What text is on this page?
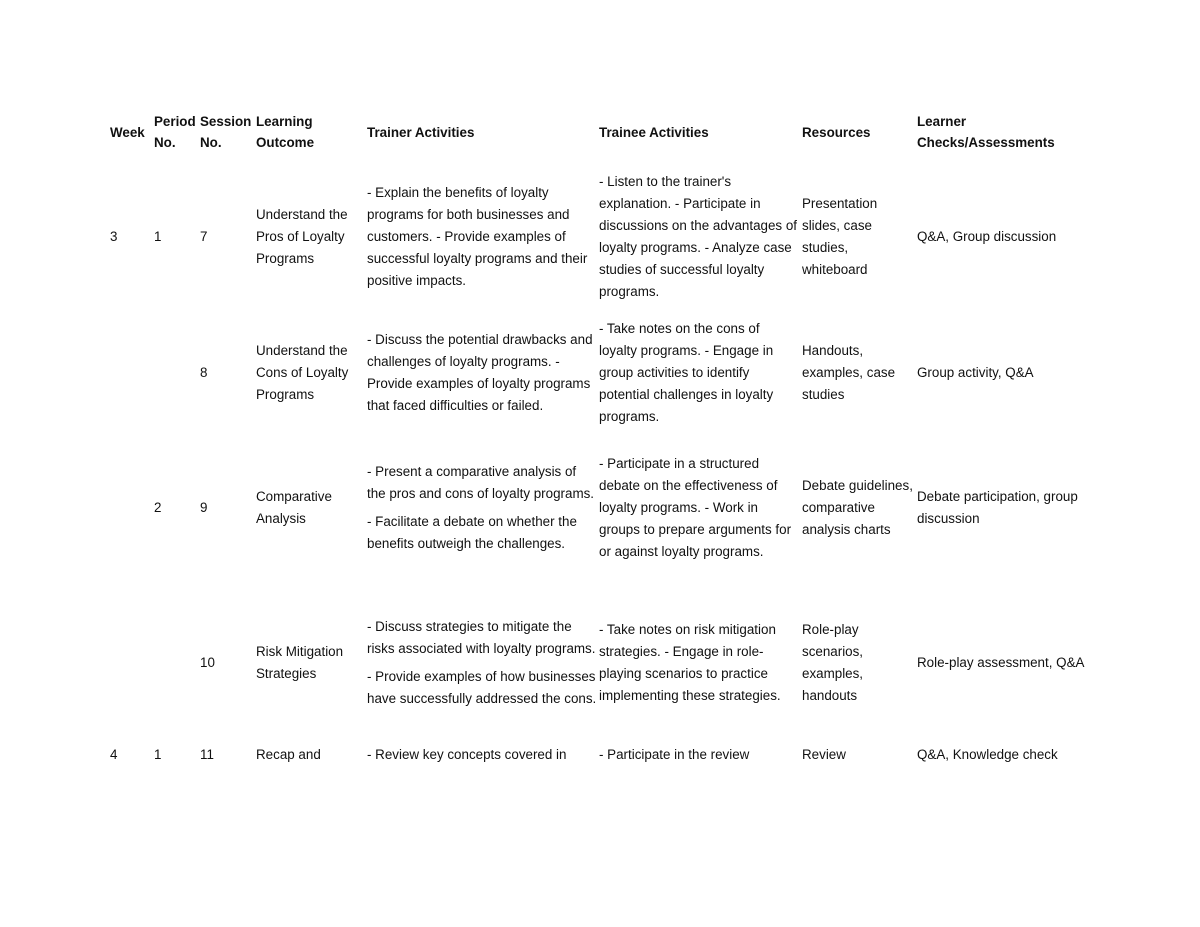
Week	Period No.	Session No.	Learning Outcome	Trainer Activities	Trainee Activities	Resources	Learner Checks/Assessments
3	1	7	Understand the Pros of Loyalty Programs	- Explain the benefits of loyalty programs for both businesses and customers. - Provide examples of successful loyalty programs and their positive impacts.	- Listen to the trainer's explanation. - Participate in discussions on the advantages of loyalty programs. - Analyze case studies of successful loyalty programs.	Presentation slides, case studies, whiteboard	Q&A, Group discussion
		8	Understand the Cons of Loyalty Programs	- Discuss the potential drawbacks and challenges of loyalty programs. - Provide examples of loyalty programs that faced difficulties or failed.	- Take notes on the cons of loyalty programs. - Engage in group activities to identify potential challenges in loyalty programs.	Handouts, examples, case studies	Group activity, Q&A
	2	9	Comparative Analysis	- Present a comparative analysis of the pros and cons of loyalty programs.
- Facilitate a debate on whether the benefits outweigh the challenges.	- Participate in a structured debate on the effectiveness of loyalty programs. - Work in groups to prepare arguments for or against loyalty programs.	Debate guidelines, comparative analysis charts	Debate participation, group discussion
		10	Risk Mitigation Strategies	- Discuss strategies to mitigate the risks associated with loyalty programs.
- Provide examples of how businesses have successfully addressed the cons.	- Take notes on risk mitigation strategies. - Engage in role-playing scenarios to practice implementing these strategies.	Role-play scenarios, examples, handouts	Role-play assessment, Q&A

4	1	11	Recap and	- Review key concepts covered in	- Participate in the review	Review	Q&A, Knowledge check
